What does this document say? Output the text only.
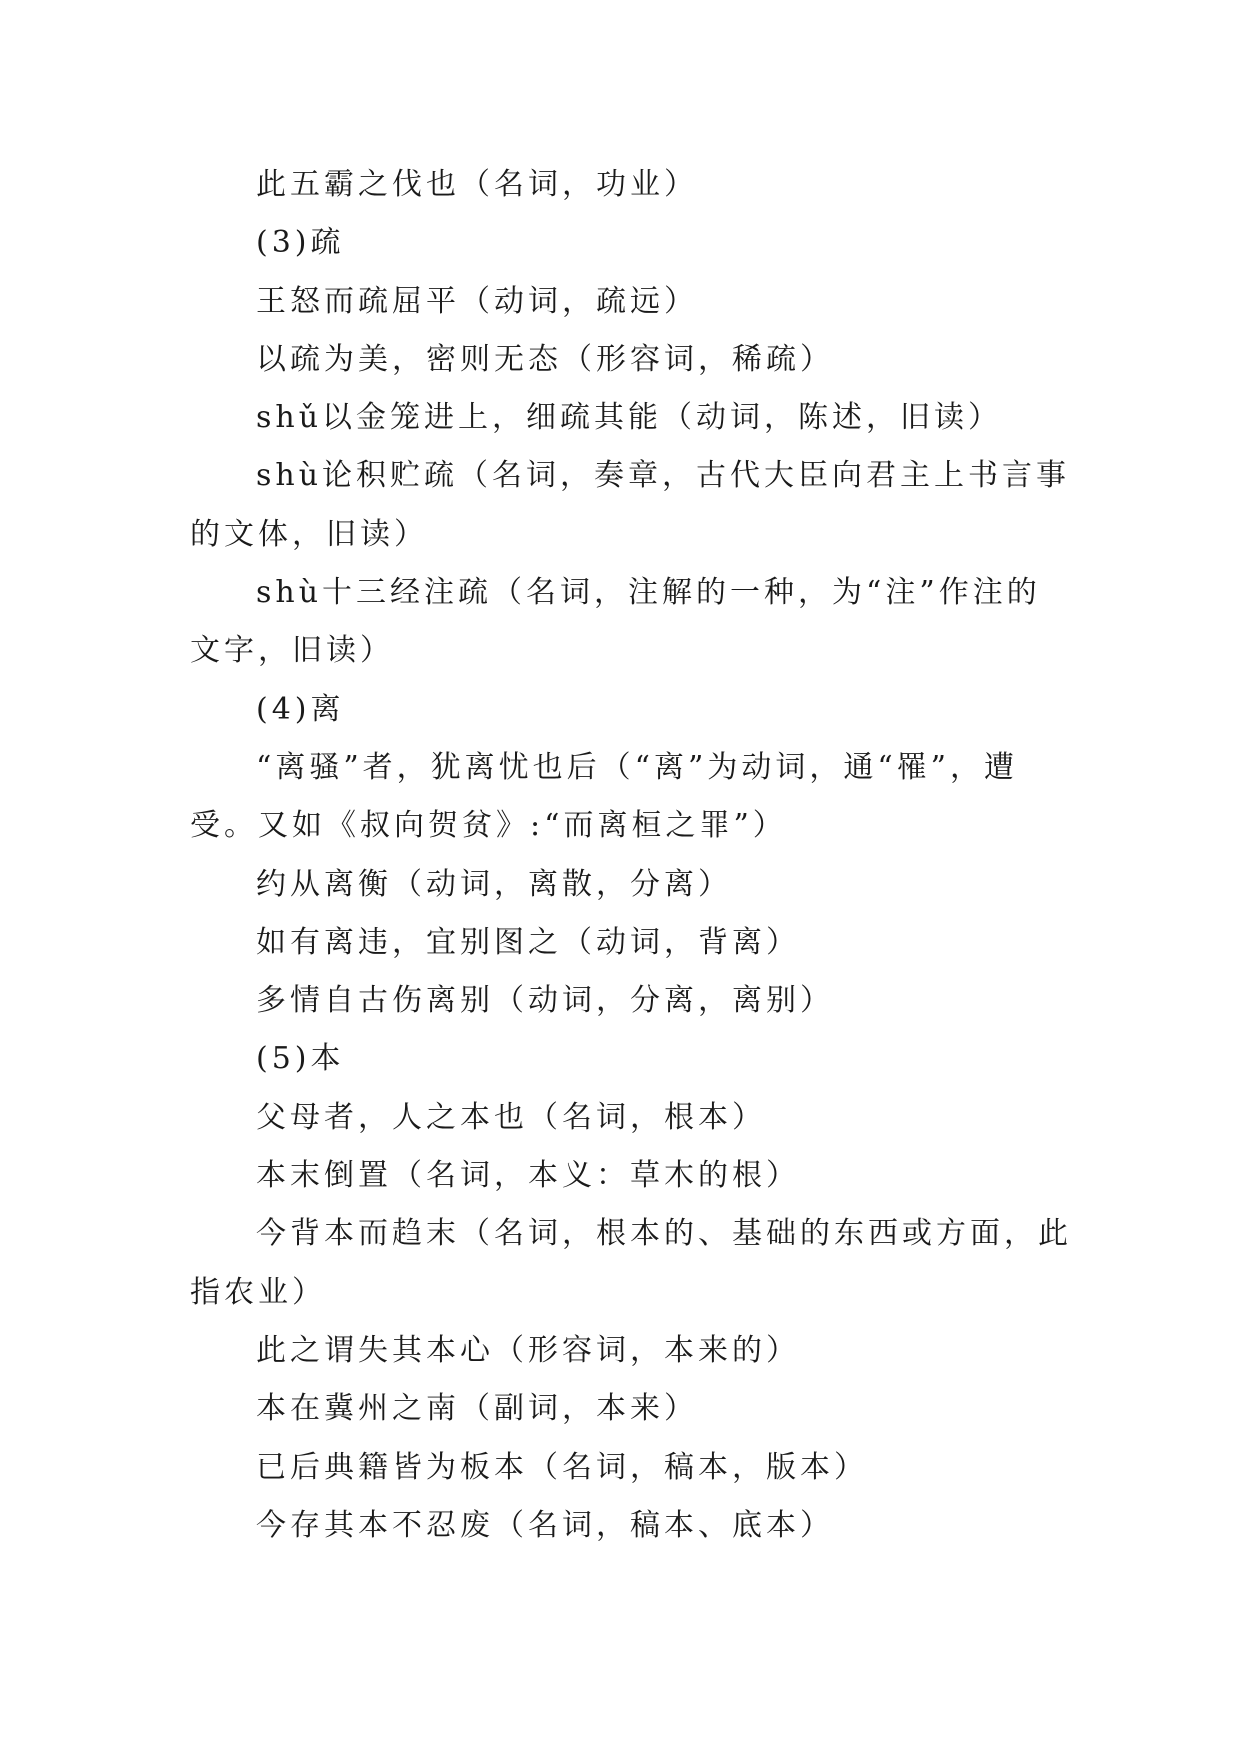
此五霸之伐也（名词，功业）
(3)疏
王怒而疏屈平（动词，疏远）
以疏为美，密则无态（形容词，稀疏）
shǔ以金笼进上，细疏其能（动词，陈述，旧读）
shù论积贮疏（名词，奏章，古代大臣向君主上书言事
的文体，旧读）
shù十三经注疏（名词，注解的一种，为“注”作注的
文字，旧读）
(4)离
“离骚”者，犹离忧也后（“离”为动词，通“罹”，遭
受。又如《叔向贺贫》:“而离桓之罪”）
约从离衡（动词，离散，分离）
如有离违，宜别图之（动词，背离）
多情自古伤离别（动词，分离，离别）
(5)本
父母者，人之本也（名词，根本）
本末倒置（名词，本义：草木的根）
今背本而趋末（名词，根本的、基础的东西或方面，此
指农业）
此之谓失其本心（形容词，本来的）
本在冀州之南（副词，本来）
已后典籍皆为板本（名词，稿本，版本）
今存其本不忍废（名词，稿本、底本）
